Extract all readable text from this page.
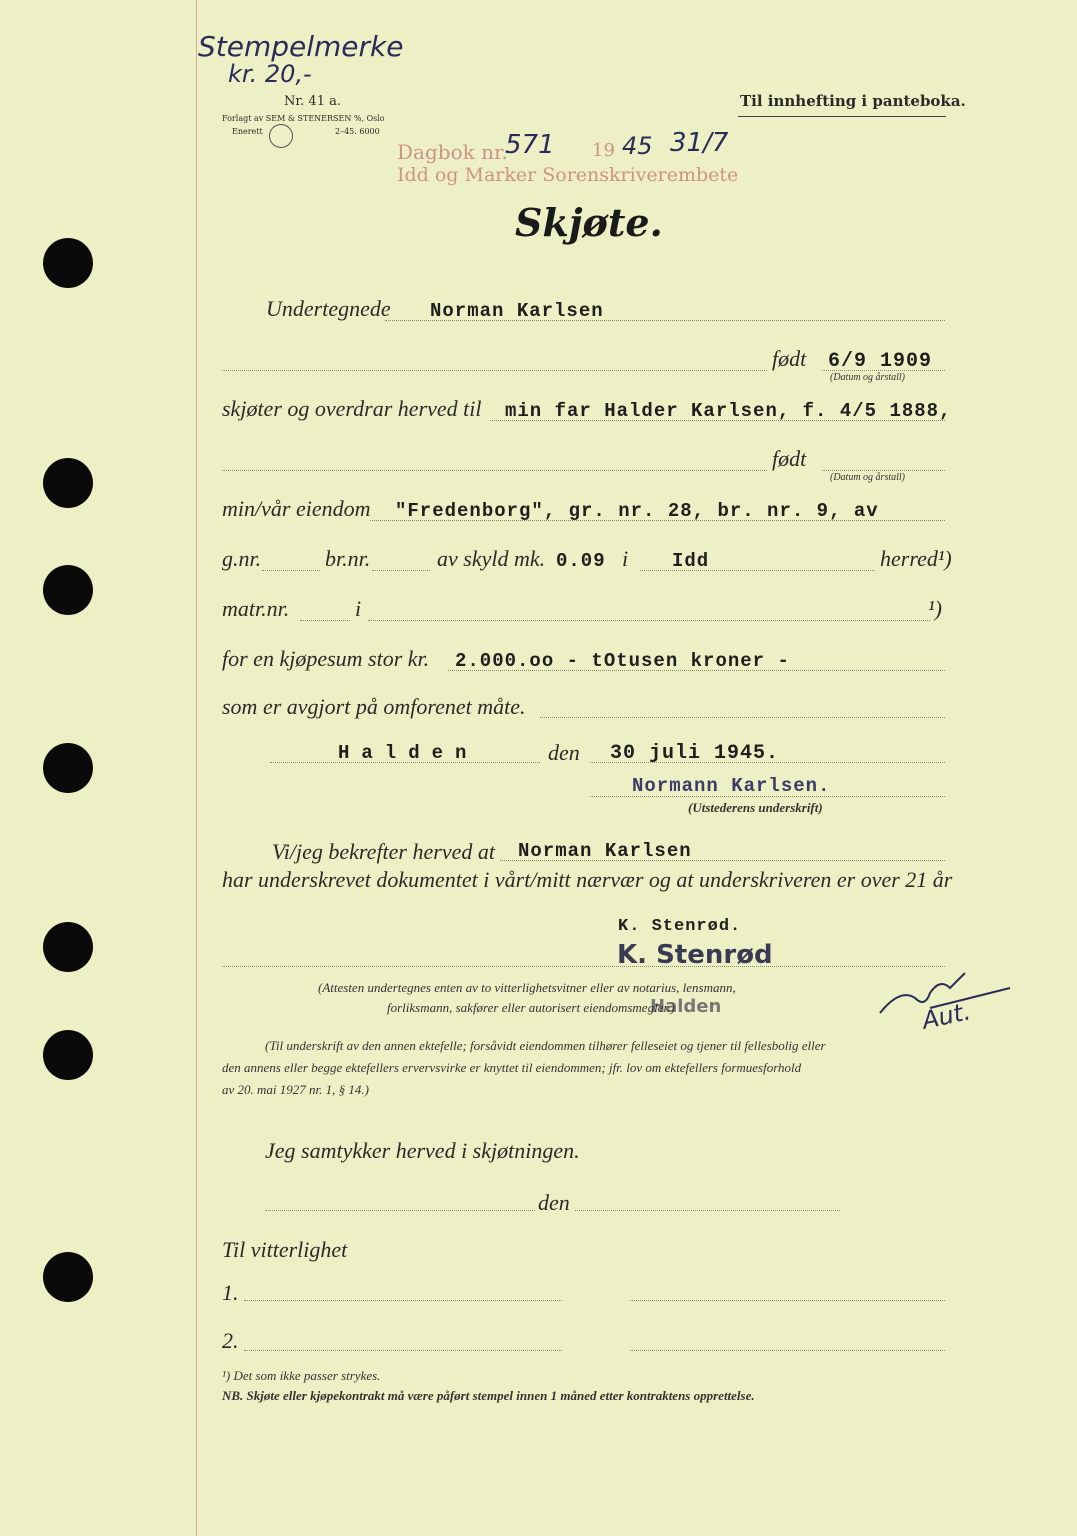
Stempelmerke
kr. 20,-
Nr. 41 a.
Forlagt av SEM & STENERSEN %, Oslo
Enerett	2–45. 6000
Til innhefting i panteboka.
Dagbok nr.
571 19 45 31/7
Idd og Marker Sorenskriverembete
Skjøte.
Undertegnede Norman Karlsen
født 6/9 1909
(Datum og årstall)
skjøter og overdrar herved til min far Halder Karlsen, f. 4/5 1888,
født
(Datum og årstall)
min/vår eiendom "Fredenborg", gr. nr. 28, br. nr. 9, av
g.nr.	br.nr.	av skyld mk. 0.09 i Idd	herred¹)
matr.nr.	i	¹)
for en kjøpesum stor kr. 2.000.oo - tOtusen kroner -
som er avgjort på omforenet måte.
Halden	den 30 juli 1945.
Normann Karlsen.
(Utstederens underskrift)
Vi/jeg bekrefter herved at Norman Karlsen
har underskrevet dokumentet i vårt/mitt nærvær og at underskriveren er over 21 år
K. Stenrød.
K. Stenrød
Halden
(Attesten undertegnes enten av to vitterlighetsvitner eller av notarius, lensmann,
forliksmann, sakfører eller autorisert eiendomsmegler.)	Aut.
(Til underskrift av den annen ektefelle; forsåvidt eiendommen tilhører felleseiet og tjener til fellesbolig eller
den annens eller begge ektefellers ervervsvirke er knyttet til eiendommen; jfr. lov om ektefellers formuesforhold
av 20. mai 1927 nr. 1, § 14.)
Jeg samtykker herved i skjøtningen.
den
Til vitterlighet
1.
2.
¹) Det som ikke passer strykes.
NB. Skjøte eller kjøpekontrakt må være påført stempel innen 1 måned etter kontraktens opprettelse.
